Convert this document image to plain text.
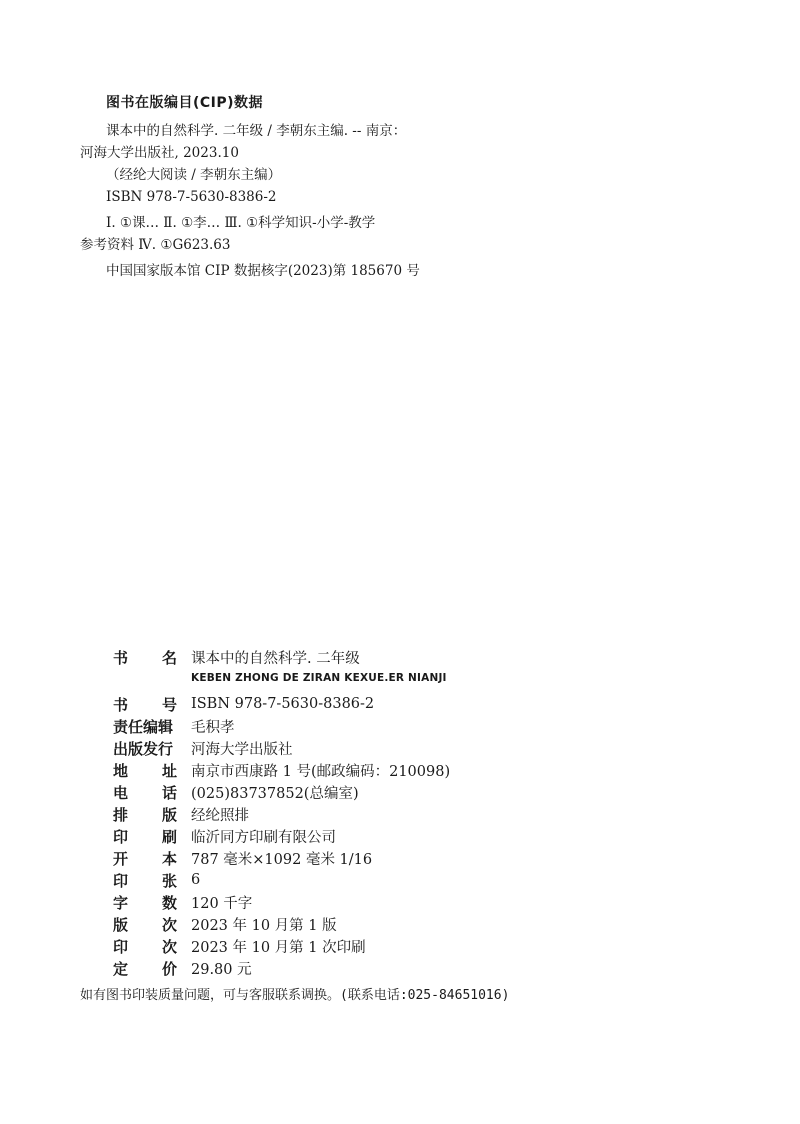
图书在版编目(CIP)数据
课本中的自然科学. 二年级 / 李朝东主编. -- 南京：
河海大学出版社, 2023.10
（经纶大阅读 / 李朝东主编）
ISBN 978-7-5630-8386-2
Ⅰ. ①课… Ⅱ. ①李… Ⅲ. ①科学知识-小学-教学
参考资料 Ⅳ. ①G623.63
中国国家版本馆 CIP 数据核字(2023)第 185670 号
书 名 课本中的自然科学. 二年级
KEBEN ZHONG DE ZIRAN KEXUE.ER NIANJI
书 号 ISBN 978-7-5630-8386-2
责任编辑 毛积孝
出版发行 河海大学出版社
地 址 南京市西康路 1 号(邮政编码：210098)
电 话 (025)83737852(总编室)
排 版 经纶照排
印 刷 临沂同方印刷有限公司
开 本 787 毫米×1092 毫米 1/16
印 张 6
字 数 120 千字
版 次 2023 年 10 月第 1 版
印 次 2023 年 10 月第 1 次印刷
定 价 29.80 元
如有图书印装质量问题，可与客服联系调换。(联系电话:025-84651016)
